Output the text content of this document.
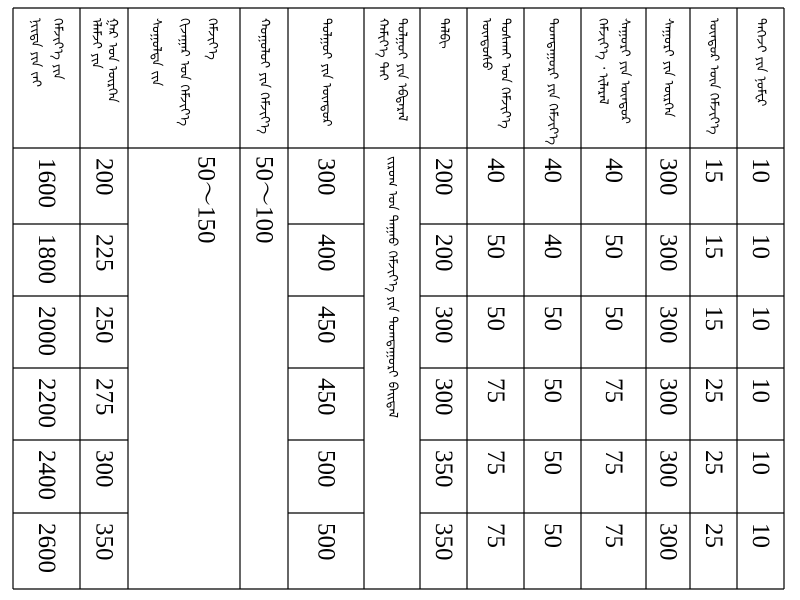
ᠳᠡᠭᠡᠵᠢ ᠶᠢᠨ ᠨᠣᠮᠸᠷ
ᠥᠨᠳᠥᠷ ᠦᠨ ᠬᠡᠮᠵᠢᠶ᠎ᠡ
ᠰᠠᠭᠤᠷᠢ ᠶᠢᠨ ᠥᠷᠭᠡᠨ
ᠰᠠᠭᠤᠷᠢ ᠶᠢᠨ ᠥᠨᠳᠥᠷ
ᠬᠡᠮᠵᠢᠶ᠎ᠡ ᠂ ᠢᠯᠡᠷᠡᠯ
ᠲᠣᠭᠲᠠᠭᠤᠷᠢ ᠶᠢᠨ ᠬᠡᠮᠵᠢᠶ᠎ᠡ
ᠲᠤᠰᠬᠠᠢ ᠤᠨ ᠬᠡᠮᠵᠢᠶ᠎ᠡ
ᠦᠨᠳᠦᠰᠦ
ᠲᠠᠯᠪᠢ
ᠲᠣᠯᠭᠣᠢ ᠶᠢᠨ ᠡᠪᠳᠡᠷᠡᠯ
ᠬᠠᠮᠢᠶ᠎ᠡ ᠲᠠᠢ
ᠲᠣᠯᠭᠣᠢ ᠶᠢᠨ ᠥᠨᠳᠥᠷ
ᠬᠣᠭᠣᠯᠤᠢ ᠶᠢᠨ ᠬᠡᠮᠵᠢᠶ᠎ᠡ
ᠬᠡᠮᠵᠢᠶ᠎ᠡ
ᠬᠢᠵᠠᠭᠠᠷ ᠤᠨ ᠬᠡᠮᠵᠢᠶ᠎ᠡ
ᠰᠤᠭᠤᠯᠲᠠ ᠵᠢᠨ
ᠭᠠᠷ ᠤᠨ ᠥᠷᠭᠡᠨ
ᠡᠯᠡᠮᠵᠢ ᠶᠢᠨ
ᠬᠡᠮᠵᠢᠶ᠎ᠡ ᠶᠢᠨ
ᠨᠢᠢᠲᠡ ᠶᠢᠨ ᠵᠠᠢ
10
10
10
10
10
10
15
15
15
25
25
25
300
300
300
300
300
300
40
50
50
75
75
75
40
40
50
50
50
50
40
50
50
75
75
75
200
200
300
300
350
350
ᠵᠢᠷᠤᠭ ᠤᠨ ᠳᠠᠭᠠᠤ ᠬᠡᠮᠵᠢᠶ᠎ᠡ ᠶᠢᠨ ᠲᠣᠭᠲᠠᠭᠤᠷᠢ ᠪᠠᠢᠳᠠᠯ
300
400
450
450
500
500
50～100
50～150
200
225
250
275
300
350
1600
1800
2000
2200
2400
2600
